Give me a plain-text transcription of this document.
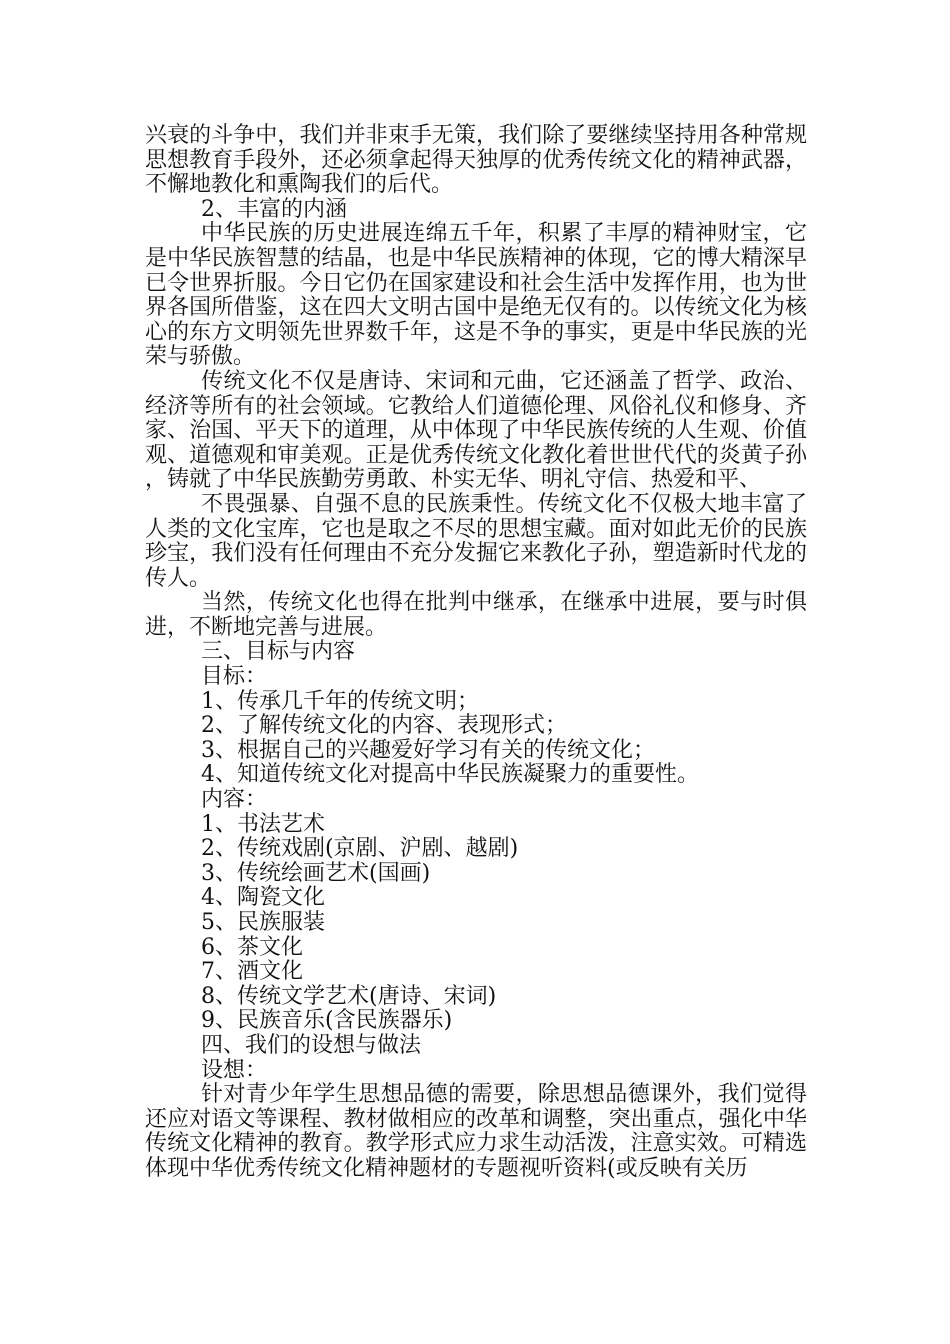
兴衰的斗争中，我们并非束手无策，我们除了要继续坚持用各种常规思想教育手段外，还必须拿起得天独厚的优秀传统文化的精神武器，不懈地教化和熏陶我们的后代。

2、丰富的内涵

中华民族的历史进展连绵五千年，积累了丰厚的精神财宝，它是中华民族智慧的结晶，也是中华民族精神的体现，它的博大精深早已令世界折服。今日它仍在国家建设和社会生活中发挥作用，也为世界各国所借鉴，这在四大文明古国中是绝无仅有的。以传统文化为核心的东方文明领先世界数千年，这是不争的事实，更是中华民族的光荣与骄傲。

传统文化不仅是唐诗、宋词和元曲，它还涵盖了哲学、政治、经济等所有的社会领域。它教给人们道德伦理、风俗礼仪和修身、齐家、治国、平天下的道理，从中体现了中华民族传统的人生观、价值观、道德观和审美观。正是优秀传统文化教化着世世代代的炎黄子孙，铸就了中华民族勤劳勇敢、朴实无华、明礼守信、热爱和平、

不畏强暴、自强不息的民族秉性。传统文化不仅极大地丰富了人类的文化宝库，它也是取之不尽的思想宝藏。面对如此无价的民族珍宝，我们没有任何理由不充分发掘它来教化子孙，塑造新时代龙的传人。

当然，传统文化也得在批判中继承，在继承中进展，要与时俱进，不断地完善与进展。

三、目标与内容

目标：

1、传承几千年的传统文明；

2、了解传统文化的内容、表现形式；

3、根据自己的兴趣爱好学习有关的传统文化；

4、知道传统文化对提高中华民族凝聚力的重要性。

内容：

1、书法艺术

2、传统戏剧(京剧、沪剧、越剧)

3、传统绘画艺术(国画)

4、陶瓷文化

5、民族服装

6、茶文化

7、酒文化

8、传统文学艺术(唐诗、宋词)

9、民族音乐(含民族器乐)

四、我们的设想与做法

设想：

针对青少年学生思想品德的需要，除思想品德课外，我们觉得还应对语文等课程、教材做相应的改革和调整，突出重点，强化中华传统文化精神的教育。教学形式应力求生动活泼，注意实效。可精选体现中华优秀传统文化精神题材的专题视听资料(或反映有关历
